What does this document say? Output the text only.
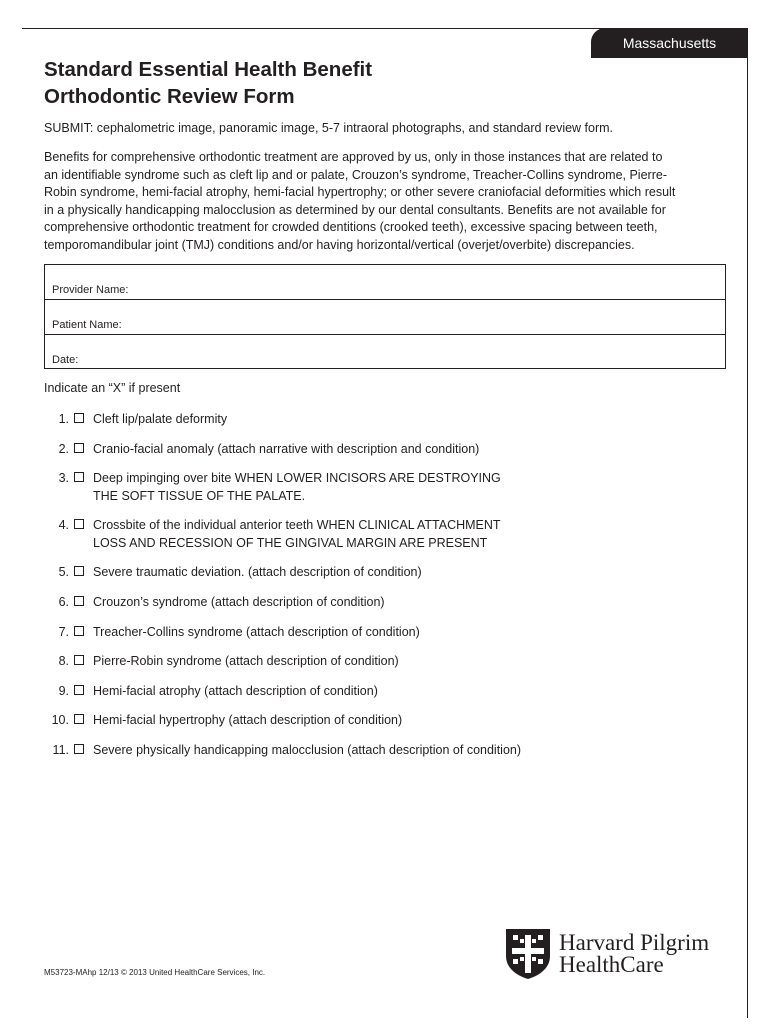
Massachusetts
Standard Essential Health Benefit
Orthodontic Review Form
SUBMIT: cephalometric image, panoramic image, 5-7 intraoral photographs, and standard review form.
Benefits for comprehensive orthodontic treatment are approved by us, only in those instances that are related to
an identifiable syndrome such as cleft lip and or palate, Crouzon’s syndrome, Treacher-Collins syndrome, Pierre-
Robin syndrome, hemi-facial atrophy, hemi-facial hypertrophy; or other severe craniofacial deformities which result
in a physically handicapping malocclusion as determined by our dental consultants. Benefits are not available for
comprehensive orthodontic treatment for crowded dentitions (crooked teeth), excessive spacing between teeth,
temporomandibular joint (TMJ) conditions and/or having horizontal/vertical (overjet/overbite) discrepancies.
Provider Name:
Patient Name:
Date:
Indicate an “X” if present
1. Cleft lip/palate deformity
2. Cranio-facial anomaly (attach narrative with description and condition)
3. Deep impinging over bite WHEN LOWER INCISORS ARE DESTROYING
THE SOFT TISSUE OF THE PALATE.
4. Crossbite of the individual anterior teeth WHEN CLINICAL ATTACHMENT
LOSS AND RECESSION OF THE GINGIVAL MARGIN ARE PRESENT
5. Severe traumatic deviation. (attach description of condition)
6. Crouzon’s syndrome (attach description of condition)
7. Treacher-Collins syndrome (attach description of condition)
8. Pierre-Robin syndrome (attach description of condition)
9. Hemi-facial atrophy (attach description of condition)
10. Hemi-facial hypertrophy (attach description of condition)
11. Severe physically handicapping malocclusion (attach description of condition)
M53723-MAhp 12/13 © 2013 United HealthCare Services, Inc.
Harvard Pilgrim
HealthCare
